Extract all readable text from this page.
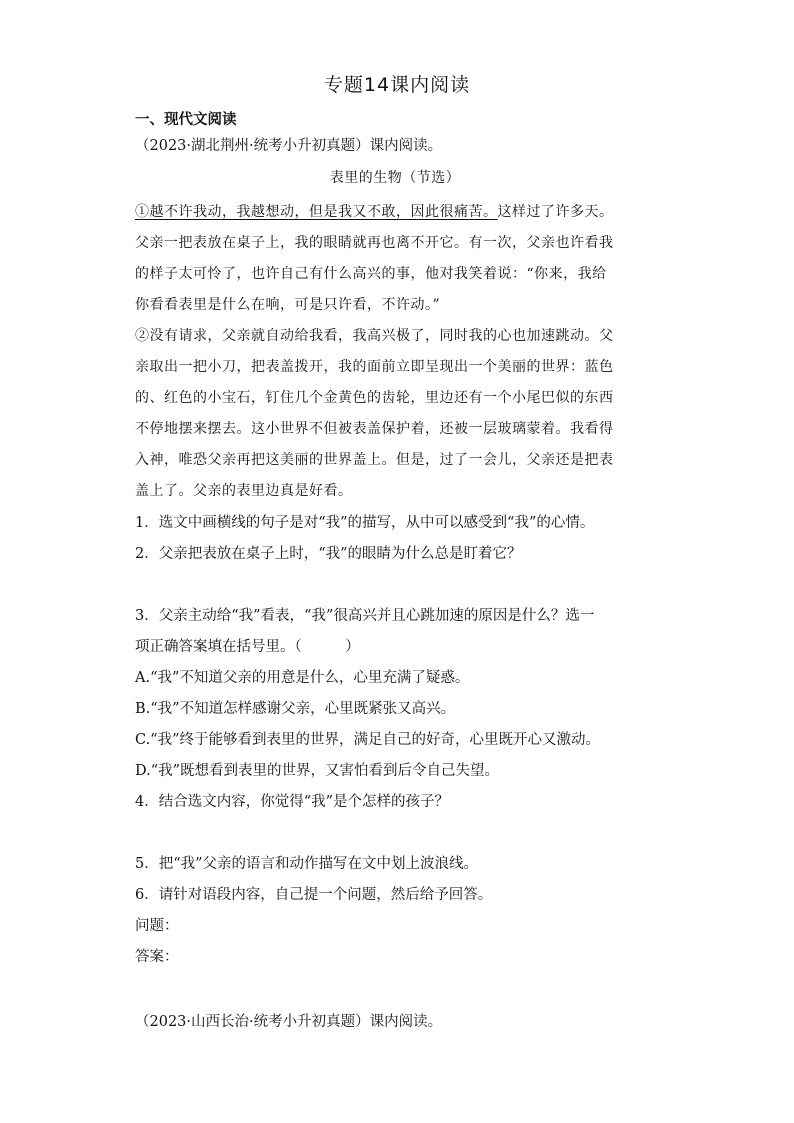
专题14课内阅读
一、现代文阅读
（2023·湖北荆州·统考小升初真题）课内阅读。
表里的生物（节选）
①越不许我动，我越想动，但是我又不敢，因此很痛苦。这样过了许多天。
父亲一把表放在桌子上，我的眼睛就再也离不开它。有一次，父亲也许看我
的样子太可怜了，也许自己有什么高兴的事，他对我笑着说：“你来，我给
你看看表里是什么在响，可是只许看，不许动。”
②没有请求，父亲就自动给我看，我高兴极了，同时我的心也加速跳动。父
亲取出一把小刀，把表盖拨开，我的面前立即呈现出一个美丽的世界：蓝色
的、红色的小宝石，钉住几个金黄色的齿轮，里边还有一个小尾巴似的东西
不停地摆来摆去。这小世界不但被表盖保护着，还被一层玻璃蒙着。我看得
入神，唯恐父亲再把这美丽的世界盖上。但是，过了一会儿，父亲还是把表
盖上了。父亲的表里边真是好看。
1．选文中画横线的句子是对“我”的描写，从中可以感受到“我”的心情。
2．父亲把表放在桌子上时，“我”的眼睛为什么总是盯着它？
3．父亲主动给“我”看表，“我”很高兴并且心跳加速的原因是什么？选一
项正确答案填在括号里。（　　　）
A.“我”不知道父亲的用意是什么，心里充满了疑惑。
B.“我”不知道怎样感谢父亲，心里既紧张又高兴。
C.“我”终于能够看到表里的世界，满足自己的好奇，心里既开心又激动。
D.“我”既想看到表里的世界，又害怕看到后令自己失望。
4．结合选文内容，你觉得“我”是个怎样的孩子？
5．把“我”父亲的语言和动作描写在文中划上波浪线。
6．请针对语段内容，自己提一个问题，然后给予回答。
问题：
答案：
（2023·山西长治·统考小升初真题）课内阅读。
